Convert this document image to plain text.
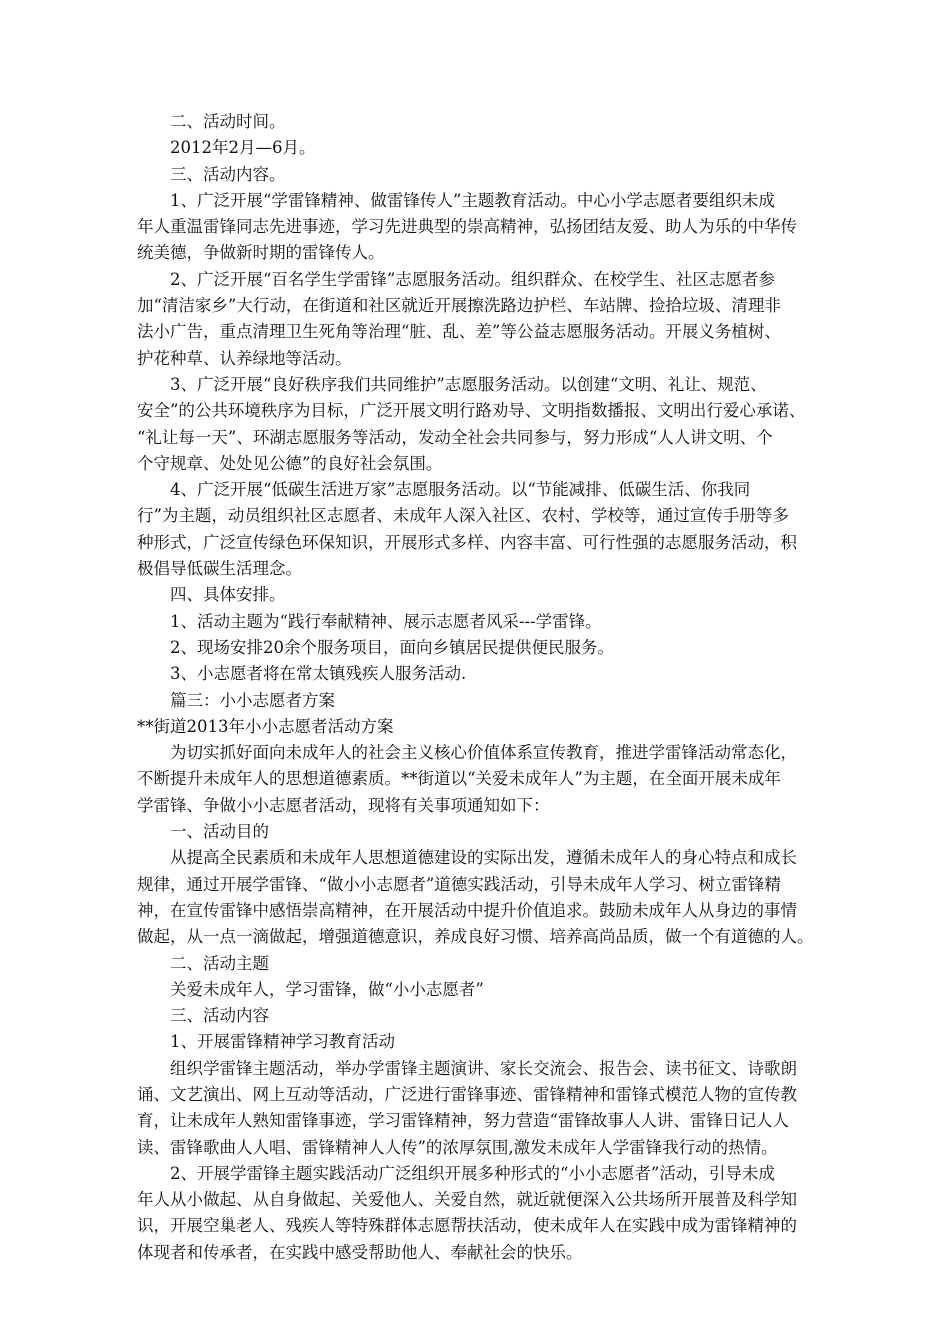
二、活动时间。

2012年2月—6月。

三、活动内容。

1、广泛开展“学雷锋精神、做雷锋传人”主题教育活动。中心小学志愿者要组织未成

年人重温雷锋同志先进事迹，学习先进典型的崇高精神，弘扬团结友爱、助人为乐的中华传

统美德，争做新时期的雷锋传人。

2、广泛开展“百名学生学雷锋”志愿服务活动。组织群众、在校学生、社区志愿者参

加“清洁家乡”大行动，在街道和社区就近开展擦洗路边护栏、车站牌、捡拾垃圾、清理非

法小广告，重点清理卫生死角等治理“脏、乱、差”等公益志愿服务活动。开展义务植树、

护花种草、认养绿地等活动。

3、广泛开展“良好秩序我们共同维护”志愿服务活动。以创建“文明、礼让、规范、

安全”的公共环境秩序为目标，广泛开展文明行路劝导、文明指数播报、文明出行爱心承诺、

“礼让每一天”、环湖志愿服务等活动，发动全社会共同参与，努力形成“人人讲文明、个

个守规章、处处见公德”的良好社会氛围。

4、广泛开展“低碳生活进万家”志愿服务活动。以“节能减排、低碳生活、你我同

行”为主题，动员组织社区志愿者、未成年人深入社区、农村、学校等，通过宣传手册等多

种形式，广泛宣传绿色环保知识，开展形式多样、内容丰富、可行性强的志愿服务活动，积

极倡导低碳生活理念。

四、具体安排。

1、活动主题为“践行奉献精神、展示志愿者风采---学雷锋。

2、现场安排20余个服务项目，面向乡镇居民提供便民服务。

3、小志愿者将在常太镇残疾人服务活动.

篇三：小小志愿者方案

**街道2013年小小志愿者活动方案

为切实抓好面向未成年人的社会主义核心价值体系宣传教育，推进学雷锋活动常态化，

不断提升未成年人的思想道德素质。**街道以“关爱未成年人”为主题，在全面开展未成年

学雷锋、争做小小志愿者活动，现将有关事项通知如下：

一、活动目的

从提高全民素质和未成年人思想道德建设的实际出发，遵循未成年人的身心特点和成长

规律，通过开展学雷锋、“做小小志愿者”道德实践活动，引导未成年人学习、树立雷锋精

神，在宣传雷锋中感悟崇高精神，在开展活动中提升价值追求。鼓励未成年人从身边的事情

做起，从一点一滴做起，增强道德意识，养成良好习惯、培养高尚品质，做一个有道德的人。

二、活动主题

关爱未成年人，学习雷锋，做“小小志愿者”

三、活动内容

1、开展雷锋精神学习教育活动

组织学雷锋主题活动，举办学雷锋主题演讲、家长交流会、报告会、读书征文、诗歌朗

诵、文艺演出、网上互动等活动，广泛进行雷锋事迹、雷锋精神和雷锋式模范人物的宣传教

育，让未成年人熟知雷锋事迹，学习雷锋精神，努力营造“雷锋故事人人讲、雷锋日记人人

读、雷锋歌曲人人唱、雷锋精神人人传”的浓厚氛围,激发未成年人学雷锋我行动的热情。

2、开展学雷锋主题实践活动广泛组织开展多种形式的“小小志愿者”活动，引导未成

年人从小做起、从自身做起、关爱他人、关爱自然，就近就便深入公共场所开展普及科学知

识，开展空巢老人、残疾人等特殊群体志愿帮扶活动，使未成年人在实践中成为雷锋精神的

体现者和传承者，在实践中感受帮助他人、奉献社会的快乐。
